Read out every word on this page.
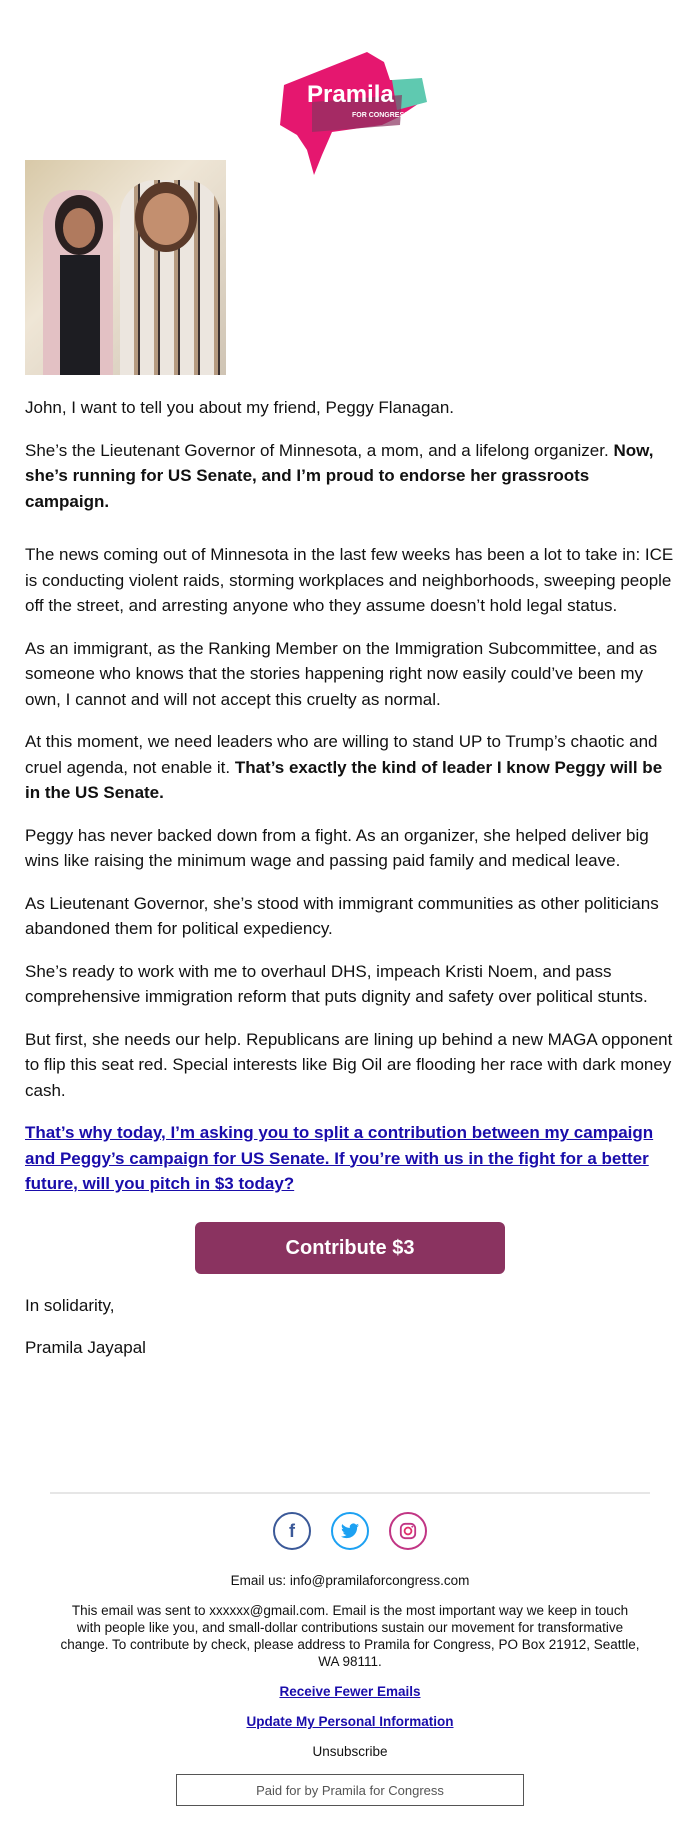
Pramila
FOR CONGRESS

John, I want to tell you about my friend, Peggy Flanagan.

She’s the Lieutenant Governor of Minnesota, a mom, and a lifelong organizer. Now, she’s running for US Senate, and I’m proud to endorse her grassroots campaign.

The news coming out of Minnesota in the last few weeks has been a lot to take in: ICE is conducting violent raids, storming workplaces and neighborhoods, sweeping people off the street, and arresting anyone who they assume doesn’t hold legal status.

As an immigrant, as the Ranking Member on the Immigration Subcommittee, and as someone who knows that the stories happening right now easily could’ve been my own, I cannot and will not accept this cruelty as normal.

At this moment, we need leaders who are willing to stand UP to Trump’s chaotic and cruel agenda, not enable it. That’s exactly the kind of leader I know Peggy will be in the US Senate.

Peggy has never backed down from a fight. As an organizer, she helped deliver big wins like raising the minimum wage and passing paid family and medical leave.

As Lieutenant Governor, she’s stood with immigrant communities as other politicians abandoned them for political expediency.

She’s ready to work with me to overhaul DHS, impeach Kristi Noem, and pass comprehensive immigration reform that puts dignity and safety over political stunts.

But first, she needs our help. Republicans are lining up behind a new MAGA opponent to flip this seat red. Special interests like Big Oil are flooding her race with dark money cash.

That’s why today, I’m asking you to split a contribution between my campaign and Peggy’s campaign for US Senate. If you’re with us in the fight for a better future, will you pitch in $3 today?

Contribute $3

In solidarity,

Pramila Jayapal

f

Email us: info@pramilaforcongress.com

This email was sent to xxxxxx@gmail.com. Email is the most important way we keep in touch with people like you, and small-dollar contributions sustain our movement for transformative change. To contribute by check, please address to Pramila for Congress, PO Box 21912, Seattle, WA 98111.

Receive Fewer Emails

Update My Personal Information

Unsubscribe

Paid for by Pramila for Congress
